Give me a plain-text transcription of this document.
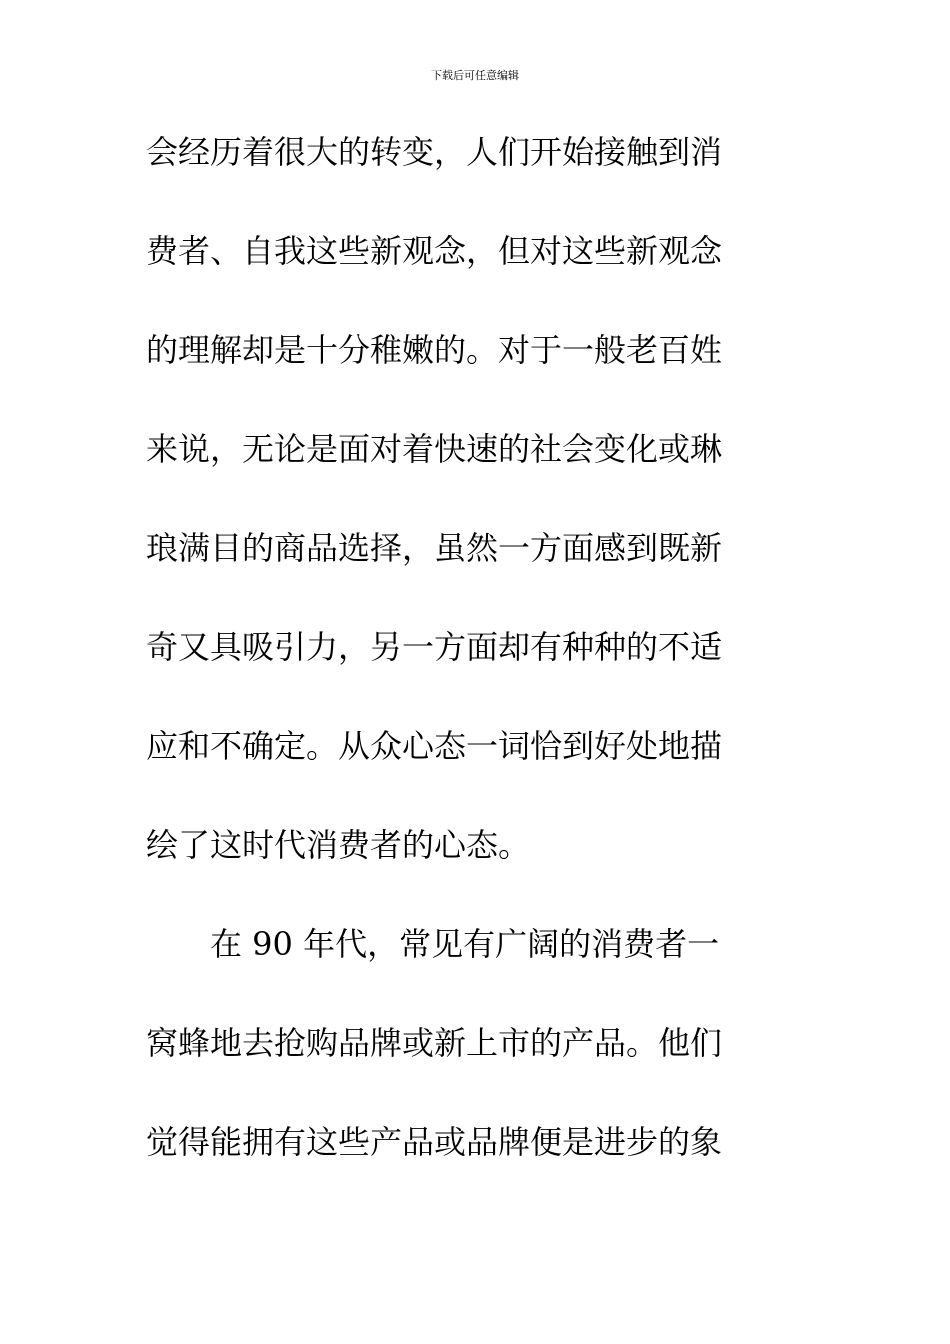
下载后可任意编辑
会经历着很大的转变，人们开始接触到消
费者、自我这些新观念，但对这些新观念
的理解却是十分稚嫩的。对于一般老百姓
来说，无论是面对着快速的社会变化或琳
琅满目的商品选择，虽然一方面感到既新
奇又具吸引力，另一方面却有种种的不适
应和不确定。从众心态一词恰到好处地描
绘了这时代消费者的心态。
　　在 90 年代，常见有广阔的消费者一
窝蜂地去抢购品牌或新上市的产品。他们
觉得能拥有这些产品或品牌便是进步的象
